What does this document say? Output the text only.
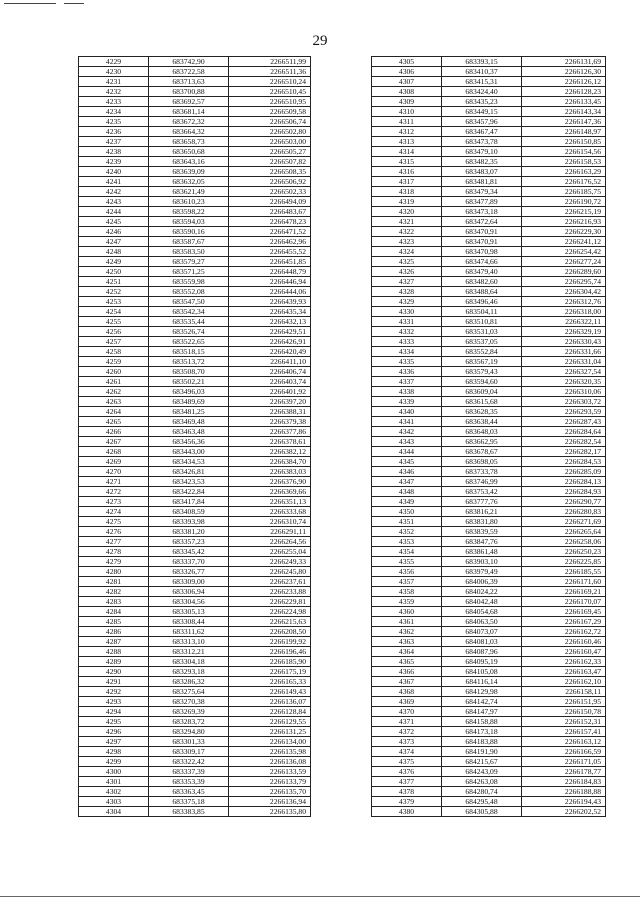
29
4229	683742,90	2266511,99
4230	683722,58	2266511,36
4231	683713,63	2266510,24
4232	683700,88	2266510,45
4233	683692,57	2266510,95
4234	683681,14	2266509,58
4235	683672,32	2266506,74
4236	683664,32	2266502,80
4237	683658,73	2266503,00
4238	683650,68	2266505,27
4239	683643,16	2266507,82
4240	683639,09	2266508,35
4241	683632,05	2266506,92
4242	683621,49	2266502,33
4243	683610,23	2266494,09
4244	683598,22	2266483,67
4245	683594,03	2266478,23
4246	683590,16	2266471,52
4247	683587,67	2266462,96
4248	683583,50	2266455,52
4249	683579,27	2266451,85
4250	683571,25	2266448,79
4251	683559,98	2266446,94
4252	683552,08	2266444,06
4253	683547,50	2266439,93
4254	683542,34	2266435,34
4255	683535,44	2266432,13
4256	683526,74	2266429,51
4257	683522,65	2266426,91
4258	683518,15	2266420,49
4259	683513,72	2266411,10
4260	683508,70	2266406,74
4261	683502,21	2266403,74
4262	683496,03	2266401,92
4263	683489,69	2266397,20
4264	683481,25	2266388,31
4265	683469,48	2266379,38
4266	683463,48	2266377,86
4267	683456,36	2266378,61
4268	683443,00	2266382,12
4269	683434,53	2266384,70
4270	683426,81	2266383,03
4271	683423,53	2266376,90
4272	683422,84	2266369,66
4273	683417,84	2266351,13
4274	683408,59	2266333,68
4275	683393,98	2266310,74
4276	683381,20	2266291,11
4277	683357,23	2266264,56
4278	683345,42	2266255,04
4279	683337,70	2266249,33
4280	683326,77	2266245,80
4281	683309,00	2266237,61
4282	683306,94	2266233,88
4283	683304,56	2266229,81
4284	683305,13	2266224,98
4285	683308,44	2266215,63
4286	683311,62	2266208,50
4287	683313,10	2266199,92
4288	683312,21	2266196,46
4289	683304,18	2266185,90
4290	683293,18	2266175,19
4291	683286,32	2266165,33
4292	683275,64	2266149,43
4293	683270,38	2266136,07
4294	683269,39	2266128,84
4295	683283,72	2266129,55
4296	683294,80	2266131,25
4297	683301,33	2266134,00
4298	683309,17	2266135,98
4299	683322,42	2266136,08
4300	683337,39	2266133,59
4301	683353,39	2266133,79
4302	683363,45	2266135,70
4303	683375,18	2266136,94
4304	683383,85	2266135,80
4305	683393,15	2266131,69
4306	683410,37	2266126,30
4307	683415,31	2266126,12
4308	683424,40	2266128,23
4309	683435,23	2266133,45
4310	683449,15	2266143,34
4311	683457,96	2266147,36
4312	683467,47	2266148,97
4313	683473,78	2266150,85
4314	683479,10	2266154,56
4315	683482,35	2266158,53
4316	683483,07	2266163,29
4317	683481,81	2266176,52
4318	683479,34	2266185,75
4319	683477,89	2266190,72
4320	683473,18	2266215,19
4321	683472,64	2266216,93
4322	683470,91	2266229,30
4323	683470,91	2266241,12
4324	683470,98	2266254,42
4325	683474,66	2266277,24
4326	683479,40	2266289,60
4327	683482,60	2266295,74
4328	683488,64	2266304,42
4329	683496,46	2266312,76
4330	683504,11	2266318,00
4331	683510,81	2266322,11
4332	683531,03	2266329,19
4333	683537,05	2266330,43
4334	683552,84	2266331,66
4335	683567,19	2266331,04
4336	683579,43	2266327,54
4337	683594,60	2266320,35
4338	683609,04	2266310,06
4339	683615,68	2266303,72
4340	683628,35	2266293,59
4341	683638,44	2266287,43
4342	683648,03	2266284,64
4343	683662,95	2266282,54
4344	683678,67	2266282,17
4345	683698,05	2266284,53
4346	683733,78	2266285,09
4347	683746,99	2266284,13
4348	683753,42	2266284,93
4349	683777,76	2266290,77
4350	683816,21	2266280,83
4351	683831,80	2266271,69
4352	683839,59	2266265,64
4353	683847,76	2266258,06
4354	683861,48	2266250,23
4355	683903,10	2266225,85
4356	683979,49	2266185,55
4357	684006,39	2266171,60
4358	684024,22	2266169,21
4359	684042,48	2266170,07
4360	684054,68	2266169,45
4361	684063,50	2266167,29
4362	684073,07	2266162,72
4363	684081,03	2266160,46
4364	684087,96	2266160,47
4365	684095,19	2266162,33
4366	684105,08	2266163,47
4367	684116,14	2266162,10
4368	684129,98	2266158,11
4369	684142,74	2266151,95
4370	684147,97	2266150,78
4371	684158,88	2266152,31
4372	684173,18	2266157,41
4373	684183,88	2266163,12
4374	684191,90	2266166,59
4375	684215,67	2266171,05
4376	684243,09	2266178,77
4377	684263,08	2266184,83
4378	684280,74	2266188,88
4379	684295,48	2266194,43
4380	684305,88	2266202,52
